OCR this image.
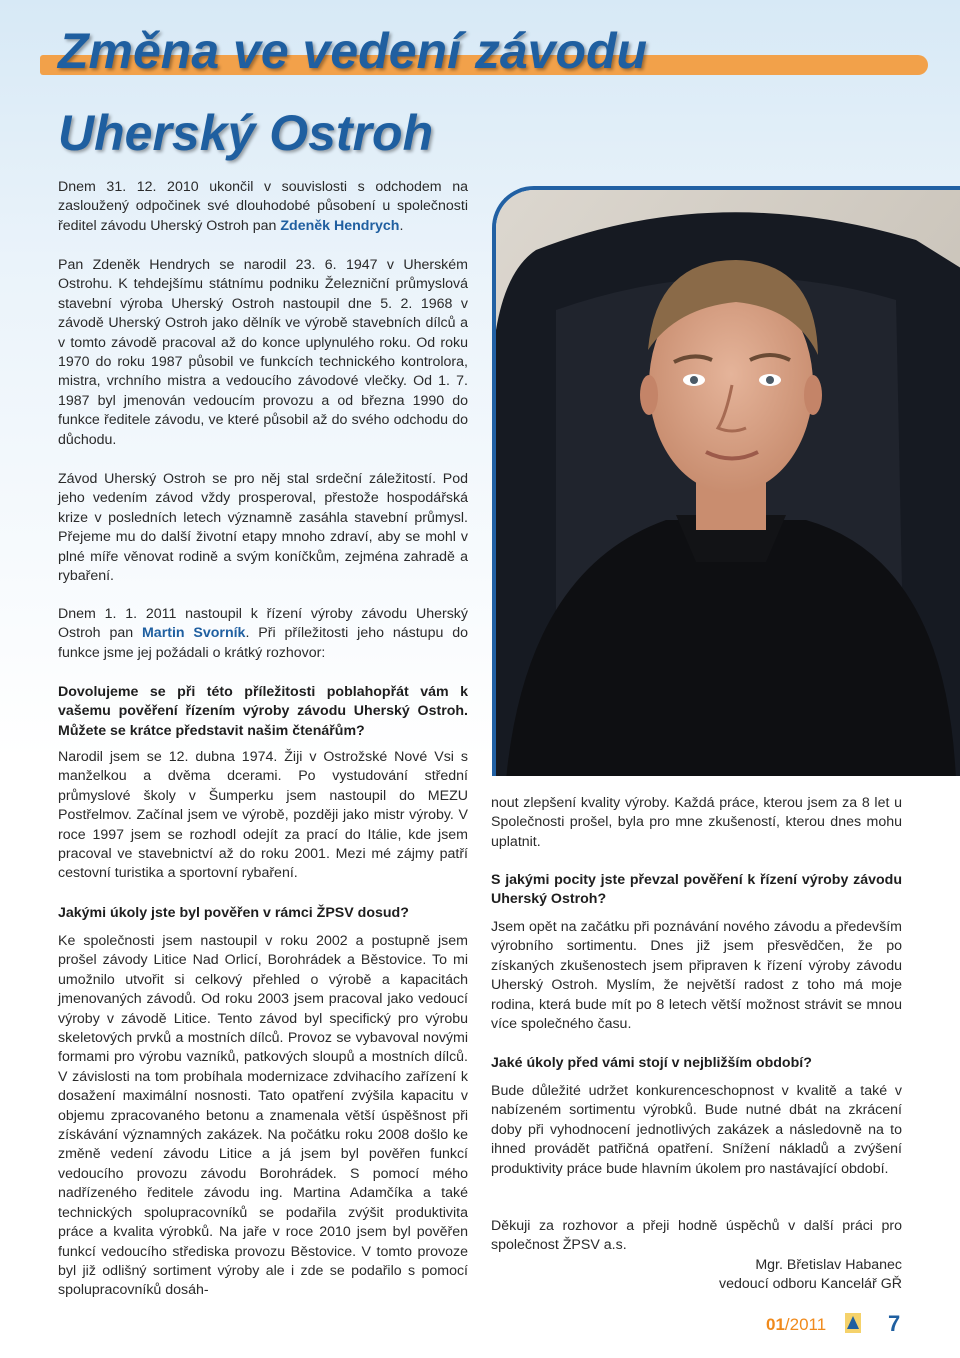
Změna ve vedení závodu
Uherský Ostroh

Dnem 31. 12. 2010 ukončil v souvislosti s odchodem na zasloužený odpočinek své dlouhodobé působení u společnosti ředitel závodu Uherský Ostroh pan Zdeněk Hendrych.

Pan Zdeněk Hendrych se narodil 23. 6. 1947 v Uherském Ostrohu. K tehdejšímu státnímu podniku Železniční průmyslová stavební výroba Uherský Ostroh nastoupil dne 5. 2. 1968 v závodě Uherský Ostroh jako dělník ve výrobě stavebních dílců a v tomto závodě pracoval až do konce uplynulého roku. Od roku 1970 do roku 1987 působil ve funkcích technického kontrolora, mistra, vrchního mistra a vedoucího závodové vlečky. Od 1. 7. 1987 byl jmenován vedoucím provozu a od března 1990 do funkce ředitele závodu, ve které působil až do svého odchodu do důchodu.

Závod Uherský Ostroh se pro něj stal srdeční záležitostí. Pod jeho vedením závod vždy prosperoval, přestože hospodářská krize v posledních letech významně zasáhla stavební průmysl. Přejeme mu do další životní etapy mnoho zdraví, aby se mohl v plné míře věnovat rodině a svým koníčkům, zejména zahradě a rybaření.

Dnem 1. 1. 2011 nastoupil k řízení výroby závodu Uherský Ostroh pan Martin Svorník. Při příležitosti jeho nástupu do funkce jsme jej požádali o krátký rozhovor:

Dovolujeme se při této příležitosti poblahopřát vám k vašemu pověření řízením výroby závodu Uherský Ostroh. Můžete se krátce představit našim čtenářům?

Narodil jsem se 12. dubna 1974. Žiji v Ostrožské Nové Vsi s manželkou a dvěma dcerami. Po vystudování střední průmyslové školy v Šumperku jsem nastoupil do MEZU Postřelmov. Začínal jsem ve výrobě, později jako mistr výroby. V roce 1997 jsem se rozhodl odejít za prací do Itálie, kde jsem pracoval ve stavebnictví až do roku 2001. Mezi mé zájmy patří cestovní turistika a sportovní rybaření.

Jakými úkoly jste byl pověřen v rámci ŽPSV dosud?

Ke společnosti jsem nastoupil v roku 2002 a postupně jsem prošel závody Litice Nad Orlicí, Borohrádek a Běstovice. To mi umožnilo utvořit si celkový přehled o výrobě a kapacitách jmenovaných závodů. Od roku 2003 jsem pracoval jako vedoucí výroby v závodě Litice. Tento závod byl specifický pro výrobu skeletových prvků a mostních dílců. Provoz se vybavoval novými formami pro výrobu vazníků, patkových sloupů a mostních dílců. V závislosti na tom probíhala modernizace zdvihacího zařízení k dosažení maximální nosnosti. Tato opatření zvýšila kapacitu v objemu zpracovaného betonu a znamenala větší úspěšnost při získávání významných zakázek. Na počátku roku 2008 došlo ke změně vedení závodu Litice a já jsem byl pověřen funkcí vedoucího provozu závodu Borohrádek. S pomocí mého nadřízeného ředitele závodu ing. Martina Adamčíka a také technických spolupracovníků se podařila zvýšit produktivita práce a kvalita výrobků. Na jaře v roce 2010 jsem byl pověřen funkcí vedoucího střediska provozu Běstovice. V tomto provoze byl již odlišný sortiment výroby ale i zde se podařilo s pomocí spolupracovníků dosáh-

nout zlepšení kvality výroby. Každá práce, kterou jsem za 8 let u Společnosti prošel, byla pro mne zkušeností, kterou dnes mohu uplatnit.

S jakými pocity jste převzal pověření k řízení výroby závodu Uherský Ostroh?

Jsem opět na začátku při poznávání nového závodu a především výrobního sortimentu. Dnes již jsem přesvědčen, že po získaných zkušenostech jsem připraven k řízení výroby závodu Uherský Ostroh. Myslím, že největší radost z toho má moje rodina, která bude mít po 8 letech větší možnost strávit se mnou více společného času.

Jaké úkoly před vámi stojí v nejbližším období?

Bude důležité udržet konkurenceschopnost v kvalitě a také v nabízeném sortimentu výrobků. Bude nutné dbát na zkrácení doby při vyhodnocení jednotlivých zakázek a následovně na to ihned provádět patřičná opatření. Snížení nákladů a zvýšení produktivity práce bude hlavním úkolem pro nastávající období.

Děkuji za rozhovor a přeji hodně úspěchů v další práci pro společnost ŽPSV a.s.

Mgr. Břetislav Habanec

vedoucí odboru Kancelář GŘ

01/2011	7
